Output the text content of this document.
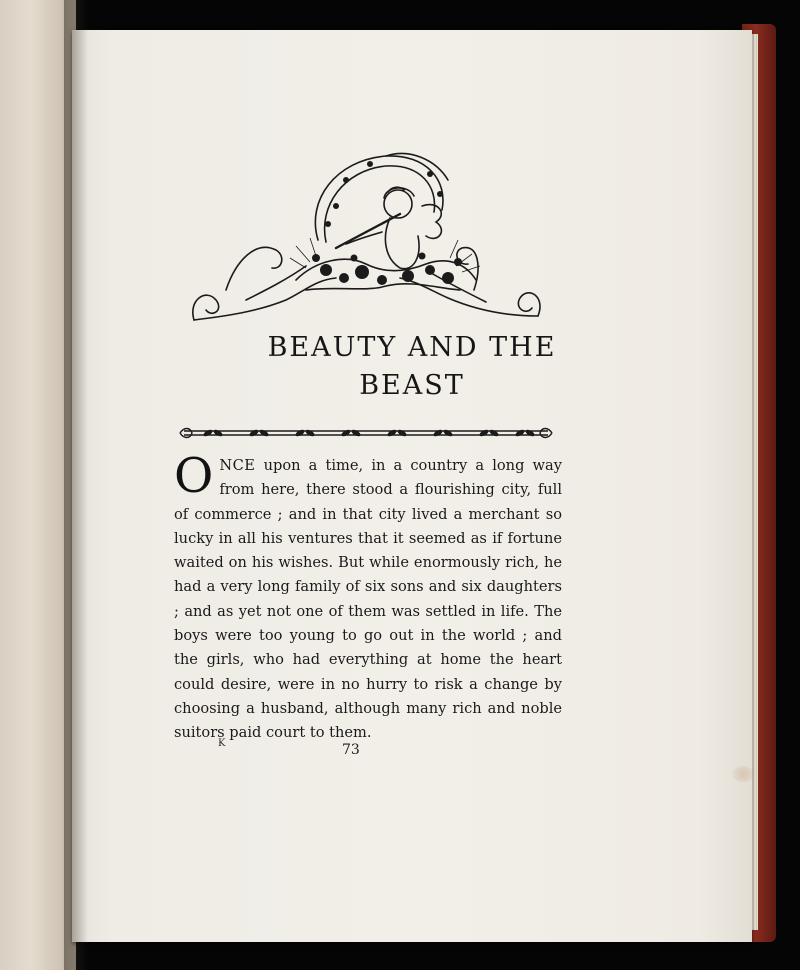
BEAUTY AND THE
BEAST

ONCE upon a time, in a country a long way from here, there stood a flourishing city, full of commerce ; and in that city lived a merchant so lucky in all his ventures that it seemed as if fortune waited on his wishes. But while enormously rich, he had a very long family of six sons and six daughters ; and as yet not one of them was settled in life. The boys were too young to go out in the world ; and the girls, who had everything at home the heart could desire, were in no hurry to risk a change by choosing a husband, although many rich and noble suitors paid court to them.

K	73
